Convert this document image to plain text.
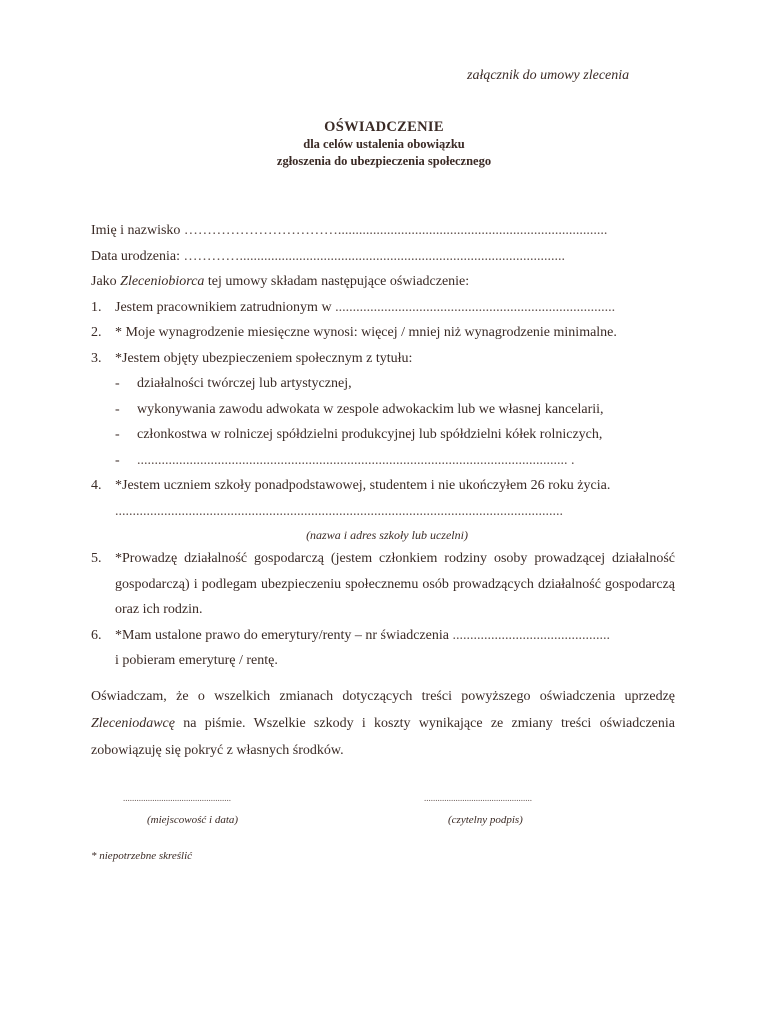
załącznik do umowy zlecenia
OŚWIADCZENIE
dla celów ustalenia obowiązku
zgłoszenia do ubezpieczenia społecznego
Imię i nazwisko …………………………….............................................................................
Data urodzenia: ………….............................................................................................
Jako Zleceniobiorca tej umowy składam następujące oświadczenie:
1. Jestem pracownikiem zatrudnionym w ................................................................................
2. * Moje wynagrodzenie miesięczne wynosi: więcej / mniej niż wynagrodzenie minimalne.
3. *Jestem objęty ubezpieczeniem społecznym z tytułu:
-	działalności twórczej lub artystycznej,
-	wykonywania zawodu adwokata w zespole adwokackim lub we własnej kancelarii,
-	członkostwa w rolniczej spółdzielni produkcyjnej lub spółdzielni kółek rolniczych,
-	........................................................................................................................... .
4. *Jestem uczniem szkoły ponadpodstawowej, studentem i nie ukończyłem 26 roku życia.
................................................................................................................................
(nazwa i adres szkoły lub uczelni)
5. *Prowadzę działalność gospodarczą (jestem członkiem rodziny osoby prowadzącej działalność gospodarczą) i podlegam ubezpieczeniu społecznemu osób prowadzących działalność gospodarczą oraz ich rodzin.
6. *Mam ustalone prawo do emerytury/renty – nr świadczenia .............................................
i pobieram emeryturę / rentę.
Oświadczam, że o wszelkich zmianach dotyczących treści powyższego oświadczenia uprzedzę Zleceniodawcę na piśmie. Wszelkie szkody i koszty wynikające ze zmiany treści oświadczenia zobowiązuję się pokryć z własnych środków.
................................................
(miejscowość i data)
................................................
(czytelny podpis)
* niepotrzebne skreślić
